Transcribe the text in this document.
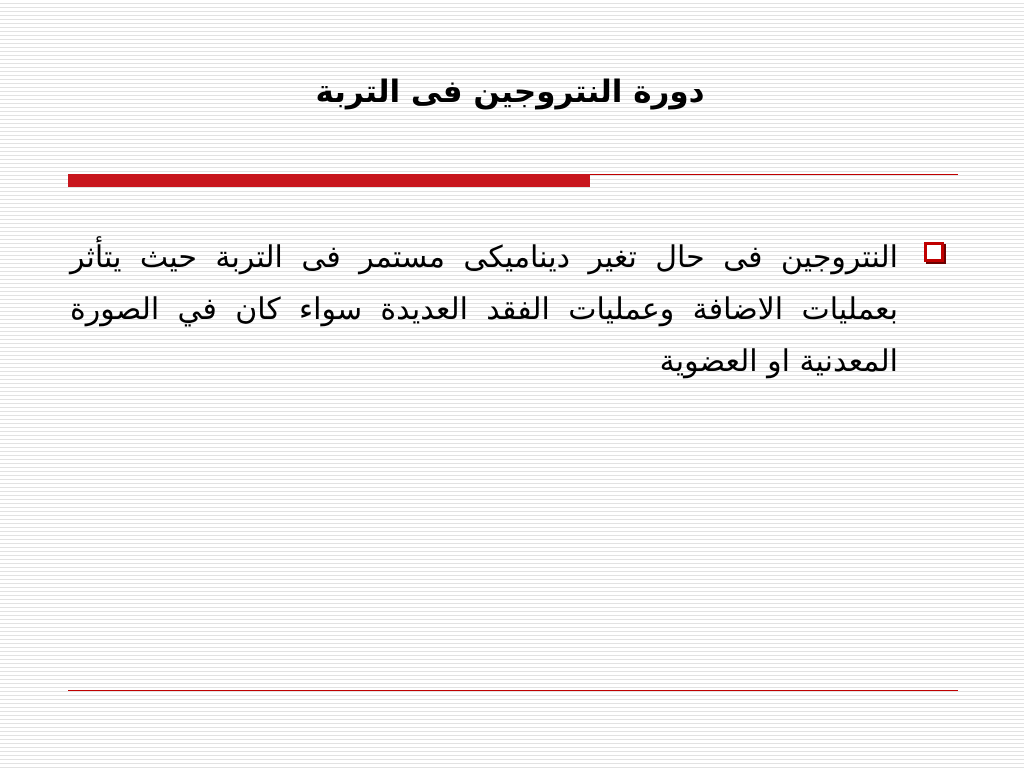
دورة النتروجين فى التربة

النتروجين فى حال تغير ديناميكى مستمر فى التربة حيث يتأثر بعمليات الاضافة وعمليات الفقد العديدة سواء كان في الصورة المعدنية او العضوية
